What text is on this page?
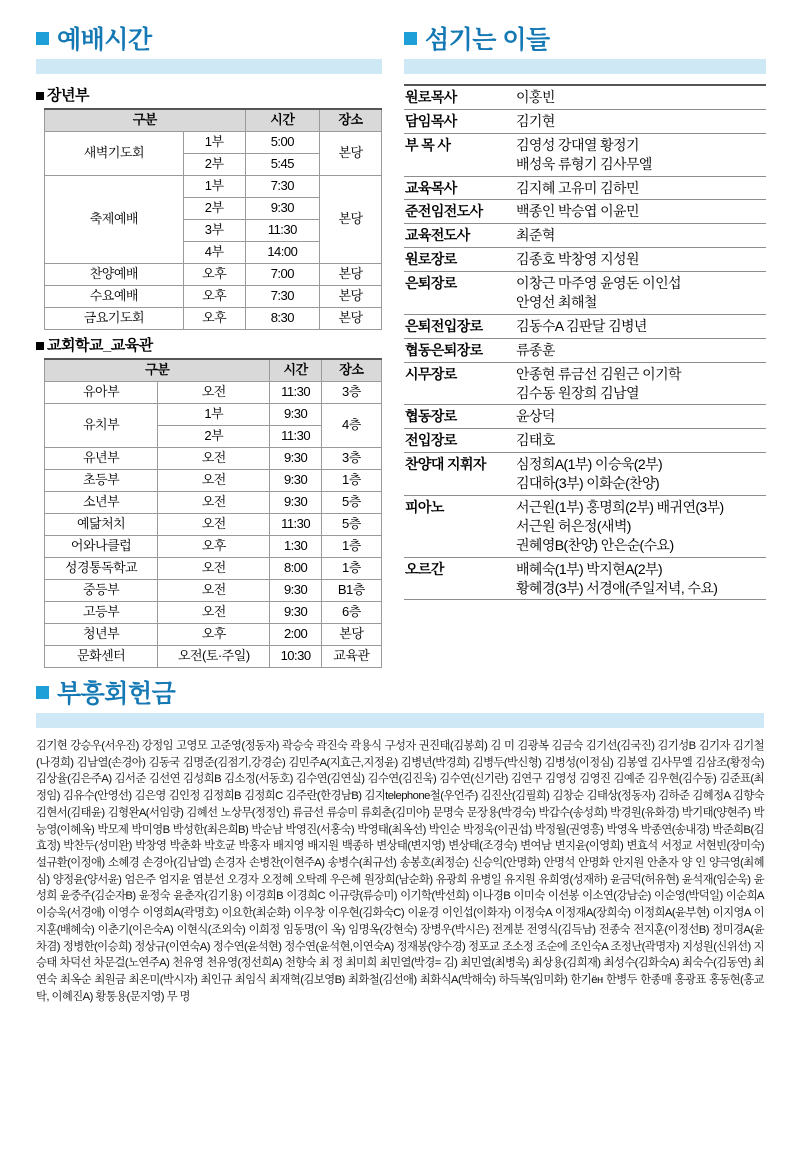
예배시간
장년부
구분		시간	장소
새벽기도회	1부	5:00	본당
	2부	5:45	
축제예배	1부	7:30	본당
	2부	9:30	
	3부	11:30	
	4부	14:00	
찬양예배	오후	7:00	본당
수요예배	오후	7:30	본당
금요기도회	오후	8:30	본당
교회학교_교육관
구분		시간	장소
유아부	오전	11:30	3층
유치부	1부	9:30	4층
	2부	11:30	
유년부	오전	9:30	3층
초등부	오전	9:30	1층
소년부	오전	9:30	5층
예닮처치	오전	11:30	5층
어와나클럽	오후	1:30	1층
성경통독학교	오전	8:00	1층
중등부	오전	9:30	B1층
고등부	오전	9:30	6층
청년부	오후	2:00	본당
문화센터	오전(토·주일)	10:30	교육관
섬기는 이들
원로목사	이홍빈

담임목사	김기현

부 목 사	김영성 강대열 황정기
배성욱 류형기 김사무엘

교육목사	김지혜 고유미 김하민

준전임전도사	백종인 박승엽 이윤민

교육전도사	최준혁

원로장로	김종호 박창영 지성원

은퇴장로	이창근 마주영 윤영돈 이인섭
안영선 최해철

은퇴전입장로	김동수A 김판달 김병년

협동은퇴장로	류종훈

시무장로	안종현 류금선 김원근 이기학
김수동 원장희 김남열

협동장로	윤상덕

전입장로	김태호

찬양대 지휘자	심정희A(1부) 이승욱(2부)
김대하(3부) 이화순(찬양)

피아노	서근원(1부) 홍명희(2부) 배귀연(3부)
서근원 허은정(새벽)
권혜영B(찬양) 안은순(수요)

오르간	배혜숙(1부) 박지현A(2부)
황혜경(3부) 서경애(주일저녁, 수요)
부흥회헌금

김기현 강승우(서우진) 강정임 고영모 고준영(정동자) 곽승숙 곽진숙 곽용식 구성자 권진태(김봉희) 김 미 김광복 김금숙 김기선(김국진) 김기성B 김기자 김기철(나경희) 김남열(손경아) 김동국 김명준(김점기,강경순) 김민주A(지효근,지정윤) 김병년(박경희) 김병두(박신형) 김병성(이정심) 김봉열 김사무엘 김삼조(황정숙) 김상율(김은주A) 김서준 김선연 김성희B 김소정(서동호) 김수연(김연실) 김수연(김진욱) 김수연(신기란) 김연구 김영성 김영진 김예준 김우현(김수동) 김준표(최정임) 김유수(안영선) 김은영 김인정 김정희B 김정희C 김주란(한경남B) 김지telephone철(우언주) 김진산(김필희) 김창순 김태상(정동자) 김하준 김혜정A 김향숙 김현서(김태윤) 김형완A(서임량) 김혜선 노상무(정정인) 류금선 류승미 류회춘(김미야) 문명숙 문장용(박경숙) 박갑수(송성희) 박경원(유화경) 박기태(양현주) 박능영(이혜옥) 박모제 박미영B 박성한(최은희B) 박순남 박영진(서홍숙) 박영태(최옥선) 박인순 박정욱(이권섭) 박정월(권영흥) 박영옥 박종연(송내경) 박준희B(김효정) 박찬두(성미완) 박창영 박춘화 박호균 박홍자 배지영 배지원 백종하 변상태(변지영) 변상태(조경숙) 변여남 변지윤(이영희) 변효석 서정교 서현빈(장미숙) 설규환(이정애) 소혜경 손경아(김남열) 손경자 손병찬(이현주A) 송병수(최규선) 송봉호(최정순) 신승익(안명화) 안명석 안명화 안지원 안춘자 양 인 양극영(최혜심) 양정윤(양서윤) 엄은주 엄지윤 염분선 오경자 오정혜 오탁례 우은혜 원장희(남순화) 유광희 유병일 유지원 유희영(성재하) 윤금덕(허유현) 윤석재(임순욱) 윤성희 윤중주(김순자B) 윤정숙 윤춘자(김기용) 이경희B 이경희C 이규량(류승미) 이기학(박선희) 이나경B 이미숙 이선봉 이소연(강남순) 이순영(박덕일) 이순희A 이승욱(서경애) 이영수 이영희A(곽명호) 이요한(최순화) 이우창 이우현(김화숙C) 이윤경 이인섭(이화자) 이정숙A 이정재A(장희숙) 이정희A(윤부현) 이지영A 이지훈(배혜숙) 이춘기(이은숙A) 이현식(조외숙) 이희정 임동명(이 옥) 임명옥(강현숙) 장병우(박시은) 전계분 전영식(김득남) 전종숙 전지훈(이정선B) 정미경A(윤차겸) 정병한(이승희) 정상규(이연숙A) 정수연(윤석현) 정수연(윤석현,이연숙A) 정재봉(양수경) 정포교 조소정 조순에 조인숙A 조정난(곽명자) 지성원(신위선) 지승태 차덕선 차문걸(노연주A) 천유영 천유영(정선희A) 천향숙 최 정 최미희 최민열(박경= 김) 최민열(최병욱) 최상용(김희재) 최성수(김화숙A) 최숙수(김동연) 최연숙 최옥순 최원금 최온미(박시자) 최인규 최임식 최재혁(김보영B) 최화철(김선애) 최화식A(박해숙) 하득복(임미화) 한기ён 한병두 한종매 홍광표 홍동현(홍교탁, 이혜진A) 황통용(문지영) 무 명
